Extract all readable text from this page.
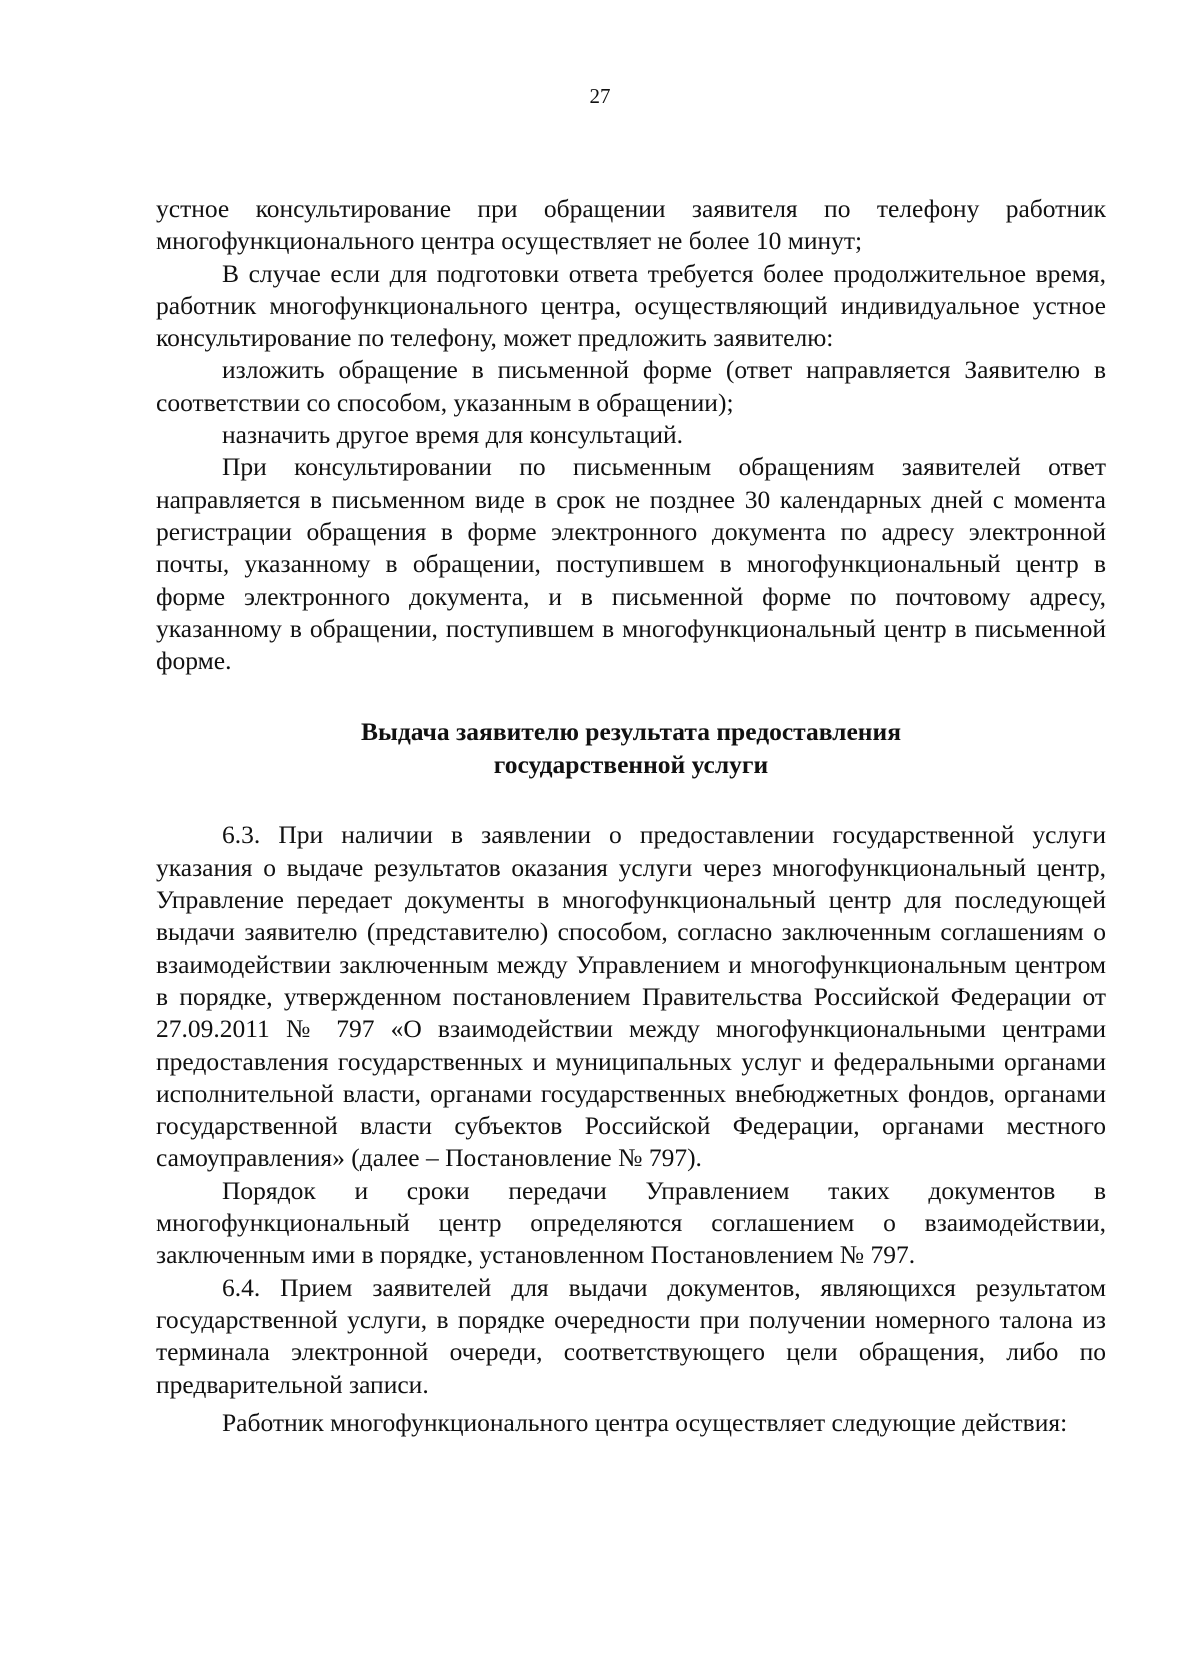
27

устное консультирование при обращении заявителя по телефону работник многофункционального центра осуществляет не более 10 минут;

В случае если для подготовки ответа требуется более продолжительное время, работник многофункционального центра, осуществляющий индивидуальное устное консультирование по телефону, может предложить заявителю:

изложить обращение в письменной форме (ответ направляется Заявителю в соответствии со способом, указанным в обращении);

назначить другое время для консультаций.

При консультировании по письменным обращениям заявителей ответ направляется в письменном виде в срок не позднее 30 календарных дней с момента регистрации обращения в форме электронного документа по адресу электронной почты, указанному в обращении, поступившем в многофункциональный центр в форме электронного документа, и в письменной форме по почтовому адресу, указанному в обращении, поступившем в многофункциональный центр в письменной форме.

Выдача заявителю результата предоставления
государственной услуги

6.3. При наличии в заявлении о предоставлении государственной услуги указания о выдаче результатов оказания услуги через многофункциональный центр, Управление передает документы в многофункциональный центр для последующей выдачи заявителю (представителю) способом, согласно заключенным соглашениям о взаимодействии заключенным между Управлением и многофункциональным центром в порядке, утвержденном постановлением Правительства Российской Федерации от 27.09.2011 № 797 «О взаимодействии между многофункциональными центрами предоставления государственных и муниципальных услуг и федеральными органами исполнительной власти, органами государственных внебюджетных фондов, органами государственной власти субъектов Российской Федерации, органами местного самоуправления» (далее – Постановление № 797).

Порядок и сроки передачи Управлением таких документов в многофункциональный центр определяются соглашением о взаимодействии, заключенным ими в порядке, установленном Постановлением № 797.

6.4. Прием заявителей для выдачи документов, являющихся результатом государственной услуги, в порядке очередности при получении номерного талона из терминала электронной очереди, соответствующего цели обращения, либо по предварительной записи.

Работник многофункционального центра осуществляет следующие действия:
